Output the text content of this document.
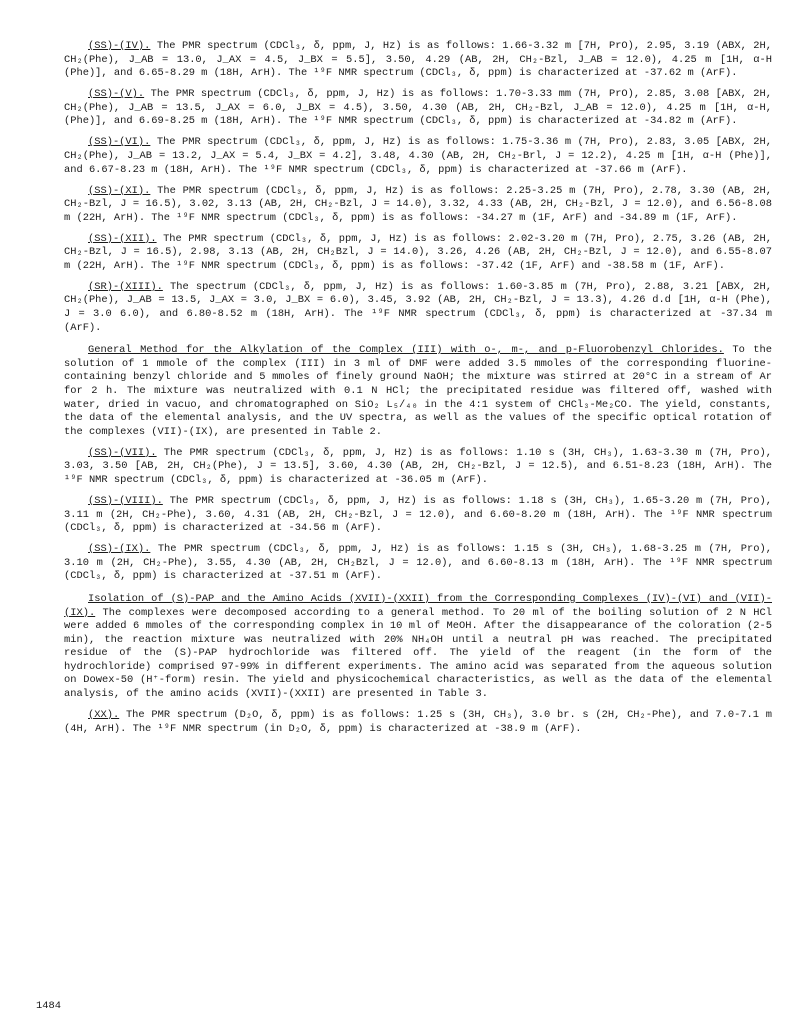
(SS)-(IV). The PMR spectrum (CDCl₃, δ, ppm, J, Hz) is as follows: 1.66-3.32 m [7H, PrO), 2.95, 3.19 (ABX, 2H, CH₂(Phe), J_AB = 13.0, J_AX = 4.5, J_BX = 5.5], 3.50, 4.29 (AB, 2H, CH₂-Bzl, J_AB = 12.0), 4.25 m [1H, α-H (Phe)], and 6.65-8.29 m (18H, ArH). The ¹⁹F NMR spectrum (CDCl₃, δ, ppm) is characterized at -37.62 m (ArF).

(SS)-(V). The PMR spectrum (CDCl₃, δ, ppm, J, Hz) is as follows: 1.70-3.33 mm (7H, PrO), 2.85, 3.08 [ABX, 2H, CH₂(Phe), J_AB = 13.5, J_AX = 6.0, J_BX = 4.5), 3.50, 4.30 (AB, 2H, CH₂-Bzl, J_AB = 12.0), 4.25 m [1H, α-H, (Phe)], and 6.69-8.25 m (18H, ArH). The ¹⁹F NMR spectrum (CDCl₃, δ, ppm) is characterized at -34.82 m (ArF).

(SS)-(VI). The PMR spectrum (CDCl₃, δ, ppm, J, Hz) is as follows: 1.75-3.36 m (7H, Pro), 2.83, 3.05 [ABX, 2H, CH₂(Phe), J_AB = 13.2, J_AX = 5.4, J_BX = 4.2], 3.48, 4.30 (AB, 2H, CH₂-Brl, J = 12.2), 4.25 m [1H, α-H (Phe)], and 6.67-8.23 m (18H, ArH). The ¹⁹F NMR spectrum (CDCl₃, δ, ppm) is characterized at -37.66 m (ArF).

(SS)-(XI). The PMR spectrum (CDCl₃, δ, ppm, J, Hz) is as follows: 2.25-3.25 m (7H, Pro), 2.78, 3.30 (AB, 2H, CH₂-Bzl, J = 16.5), 3.02, 3.13 (AB, 2H, CH₂-Bzl, J = 14.0), 3.32, 4.33 (AB, 2H, CH₂-Bzl, J = 12.0), and 6.56-8.08 m (22H, ArH). The ¹⁹F NMR spectrum (CDCl₃, δ, ppm) is as follows: -34.27 m (1F, ArF) and -34.89 m (1F, ArF).

(SS)-(XII). The PMR spectrum (CDCl₃, δ, ppm, J, Hz) is as follows: 2.02-3.20 m (7H, Pro), 2.75, 3.26 (AB, 2H, CH₂-Bzl, J = 16.5), 2.98, 3.13 (AB, 2H, CH₂Bzl, J = 14.0), 3.26, 4.26 (AB, 2H, CH₂-Bzl, J = 12.0), and 6.55-8.07 m (22H, ArH). The ¹⁹F NMR spectrum (CDCl₃, δ, ppm) is as follows: -37.42 (1F, ArF) and -38.58 m (1F, ArF).

(SR)-(XIII). The spectrum (CDCl₃, δ, ppm, J, Hz) is as follows: 1.60-3.85 m (7H, Pro), 2.88, 3.21 [ABX, 2H, CH₂(Phe), J_AB = 13.5, J_AX = 3.0, J_BX = 6.0), 3.45, 3.92 (AB, 2H, CH₂-Bzl, J = 13.3), 4.26 d.d [1H, α-H (Phe), J = 3.0 6.0), and 6.80-8.52 m (18H, ArH). The ¹⁹F NMR spectrum (CDCl₃, δ, ppm) is characterized at -37.34 m (ArF).

General Method for the Alkylation of the Complex (III) with o-, m-, and p-Fluorobenzyl Chlorides. To the solution of 1 mmole of the complex (III) in 3 ml of DMF were added 3.5 mmoles of the corresponding fluorine-containing benzyl chloride and 5 mmoles of finely ground NaOH; the mixture was stirred at 20°C in a stream of Ar for 2 h. The mixture was neutralized with 0.1 N HCl; the precipitated residue was filtered off, washed with water, dried in vacuo, and chromatographed on SiO₂ L₅/₄₀ in the 4:1 system of CHCl₃-Me₂CO. The yield, constants, the data of the elemental analysis, and the UV spectra, as well as the values of the specific optical rotation of the complexes (VII)-(IX), are presented in Table 2.

(SS)-(VII). The PMR spectrum (CDCl₃, δ, ppm, J, Hz) is as follows: 1.10 s (3H, CH₃), 1.63-3.30 m (7H, Pro), 3.03, 3.50 [AB, 2H, CH₂(Phe), J = 13.5], 3.60, 4.30 (AB, 2H, CH₂-Bzl, J = 12.5), and 6.51-8.23 (18H, ArH). The ¹⁹F NMR spectrum (CDCl₃, δ, ppm) is characterized at -36.05 m (ArF).

(SS)-(VIII). The PMR spectrum (CDCl₃, δ, ppm, J, Hz) is as follows: 1.18 s (3H, CH₃), 1.65-3.20 m (7H, Pro), 3.11 m (2H, CH₂-Phe), 3.60, 4.31 (AB, 2H, CH₂-Bzl, J = 12.0), and 6.60-8.20 m (18H, ArH). The ¹⁹F NMR spectrum (CDCl₃, δ, ppm) is characterized at -34.56 m (ArF).

(SS)-(IX). The PMR spectrum (CDCl₃, δ, ppm, J, Hz) is as follows: 1.15 s (3H, CH₃), 1.68-3.25 m (7H, Pro), 3.10 m (2H, CH₂-Phe), 3.55, 4.30 (AB, 2H, CH₂Bzl, J = 12.0), and 6.60-8.13 m (18H, ArH). The ¹⁹F NMR spectrum (CDCl₃, δ, ppm) is characterized at -37.51 m (ArF).

Isolation of (S)-PAP and the Amino Acids (XVII)-(XXII) from the Corresponding Complexes (IV)-(VI) and (VII)-(IX). The complexes were decomposed according to a general method. To 20 ml of the boiling solution of 2 N HCl were added 6 mmoles of the corresponding complex in 10 ml of MeOH. After the disappearance of the coloration (2-5 min), the reaction mixture was neutralized with 20% NH₄OH until a neutral pH was reached. The precipitated residue of the (S)-PAP hydrochloride was filtered off. The yield of the reagent (in the form of the hydrochloride) comprised 97-99% in different experiments. The amino acid was separated from the aqueous solution on Dowex-50 (H⁺-form) resin. The yield and physicochemical characteristics, as well as the data of the elemental analysis, of the amino acids (XVII)-(XXII) are presented in Table 3.

(XX). The PMR spectrum (D₂O, δ, ppm) is as follows: 1.25 s (3H, CH₃), 3.0 br. s (2H, CH₂-Phe), and 7.0-7.1 m (4H, ArH). The ¹⁹F NMR spectrum (in D₂O, δ, ppm) is characterized at -38.9 m (ArF).

1484
